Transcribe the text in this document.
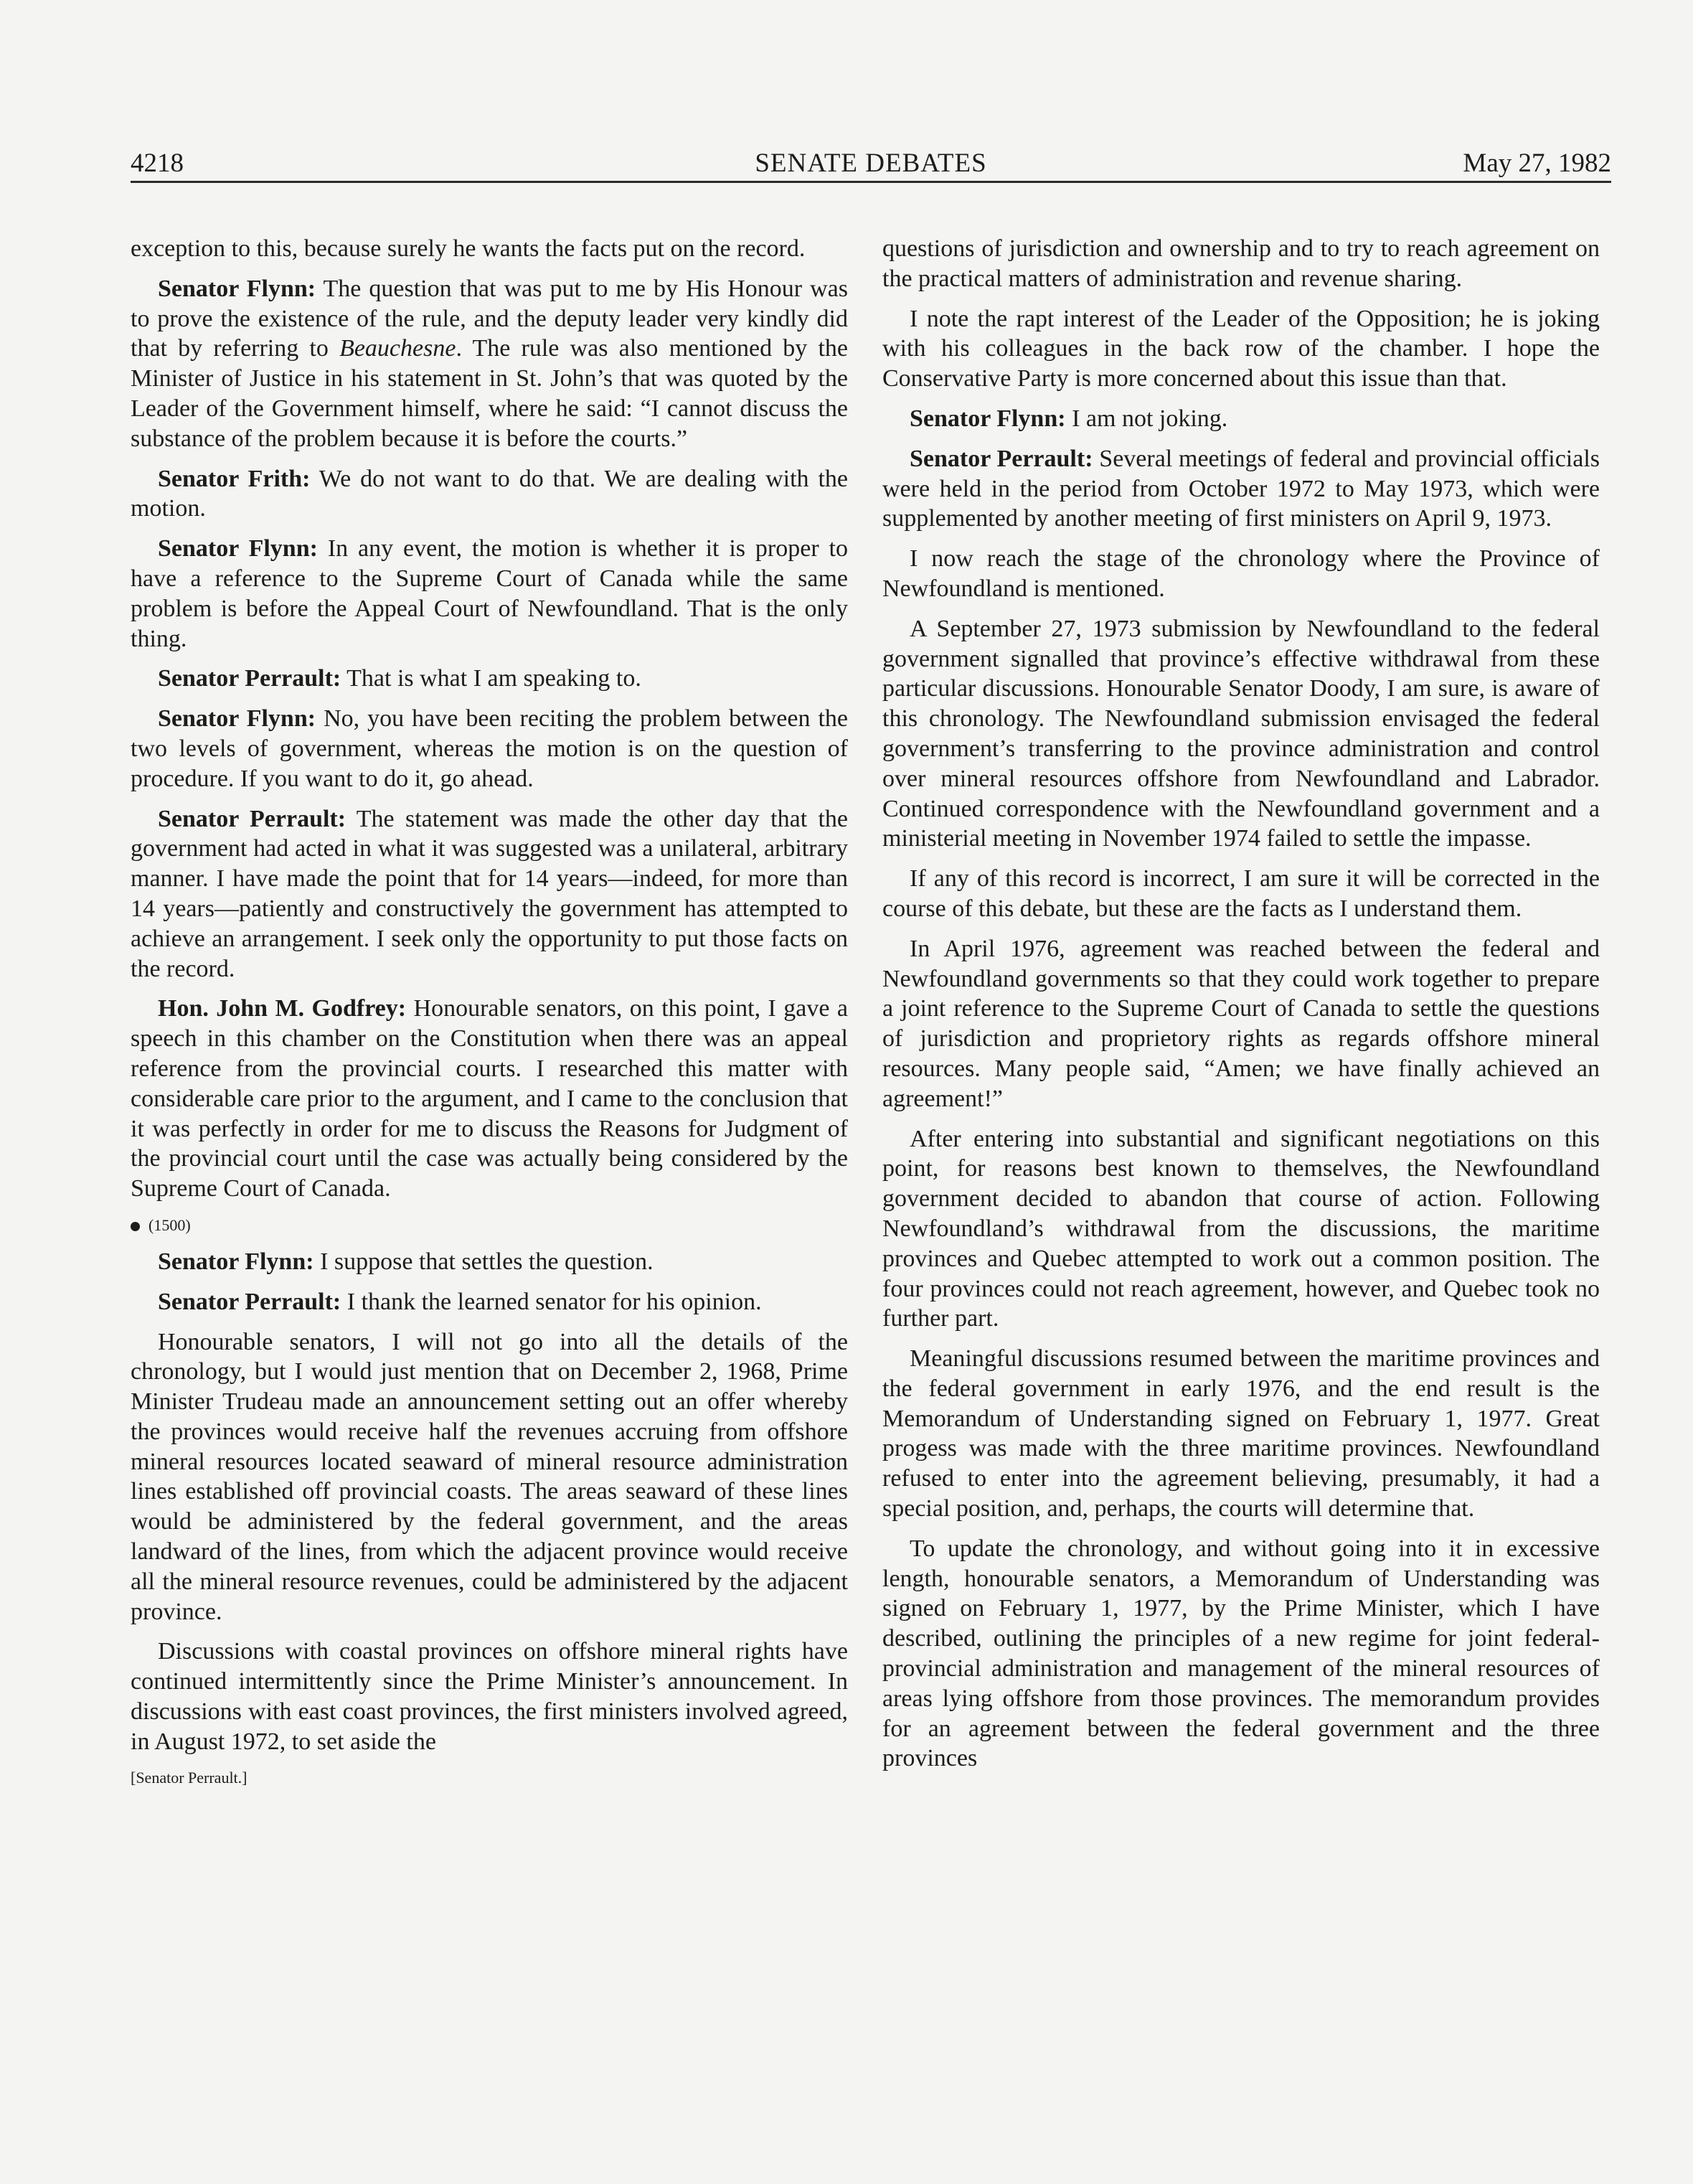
4218	SENATE DEBATES	May 27, 1982

exception to this, because surely he wants the facts put on the record.

Senator Flynn: The question that was put to me by His Honour was to prove the existence of the rule, and the deputy leader very kindly did that by referring to Beauchesne. The rule was also mentioned by the Minister of Justice in his statement in St. John’s that was quoted by the Leader of the Government himself, where he said: “I cannot discuss the substance of the problem because it is before the courts.”

Senator Frith: We do not want to do that. We are dealing with the motion.

Senator Flynn: In any event, the motion is whether it is proper to have a reference to the Supreme Court of Canada while the same problem is before the Appeal Court of Newfoundland. That is the only thing.

Senator Perrault: That is what I am speaking to.

Senator Flynn: No, you have been reciting the problem between the two levels of government, whereas the motion is on the question of procedure. If you want to do it, go ahead.

Senator Perrault: The statement was made the other day that the government had acted in what it was suggested was a unilateral, arbitrary manner. I have made the point that for 14 years—indeed, for more than 14 years—patiently and constructively the government has attempted to achieve an arrangement. I seek only the opportunity to put those facts on the record.

Hon. John M. Godfrey: Honourable senators, on this point, I gave a speech in this chamber on the Constitution when there was an appeal reference from the provincial courts. I researched this matter with considerable care prior to the argument, and I came to the conclusion that it was perfectly in order for me to discuss the Reasons for Judgment of the provincial court until the case was actually being considered by the Supreme Court of Canada.

(1500)

Senator Flynn: I suppose that settles the question.

Senator Perrault: I thank the learned senator for his opinion.

Honourable senators, I will not go into all the details of the chronology, but I would just mention that on December 2, 1968, Prime Minister Trudeau made an announcement setting out an offer whereby the provinces would receive half the revenues accruing from offshore mineral resources located seaward of mineral resource administration lines established off provincial coasts. The areas seaward of these lines would be administered by the federal government, and the areas landward of the lines, from which the adjacent province would receive all the mineral resource revenues, could be administered by the adjacent province.

Discussions with coastal provinces on offshore mineral rights have continued intermittently since the Prime Minister’s announcement. In discussions with east coast provinces, the first ministers involved agreed, in August 1972, to set aside the

[Senator Perrault.]

questions of jurisdiction and ownership and to try to reach agreement on the practical matters of administration and revenue sharing.

I note the rapt interest of the Leader of the Opposition; he is joking with his colleagues in the back row of the chamber. I hope the Conservative Party is more concerned about this issue than that.

Senator Flynn: I am not joking.

Senator Perrault: Several meetings of federal and provincial officials were held in the period from October 1972 to May 1973, which were supplemented by another meeting of first ministers on April 9, 1973.

I now reach the stage of the chronology where the Province of Newfoundland is mentioned.

A September 27, 1973 submission by Newfoundland to the federal government signalled that province’s effective withdrawal from these particular discussions. Honourable Senator Doody, I am sure, is aware of this chronology. The Newfoundland submission envisaged the federal government’s transferring to the province administration and control over mineral resources offshore from Newfoundland and Labrador. Continued correspondence with the Newfoundland government and a ministerial meeting in November 1974 failed to settle the impasse.

If any of this record is incorrect, I am sure it will be corrected in the course of this debate, but these are the facts as I understand them.

In April 1976, agreement was reached between the federal and Newfoundland governments so that they could work together to prepare a joint reference to the Supreme Court of Canada to settle the questions of jurisdiction and proprietory rights as regards offshore mineral resources. Many people said, “Amen; we have finally achieved an agreement!”

After entering into substantial and significant negotiations on this point, for reasons best known to themselves, the Newfoundland government decided to abandon that course of action. Following Newfoundland’s withdrawal from the discussions, the maritime provinces and Quebec attempted to work out a common position. The four provinces could not reach agreement, however, and Quebec took no further part.

Meaningful discussions resumed between the maritime provinces and the federal government in early 1976, and the end result is the Memorandum of Understanding signed on February 1, 1977. Great progess was made with the three maritime provinces. Newfoundland refused to enter into the agreement believing, presumably, it had a special position, and, perhaps, the courts will determine that.

To update the chronology, and without going into it in excessive length, honourable senators, a Memorandum of Understanding was signed on February 1, 1977, by the Prime Minister, which I have described, outlining the principles of a new regime for joint federal-provincial administration and management of the mineral resources of areas lying offshore from those provinces. The memorandum provides for an agreement between the federal government and the three provinces
